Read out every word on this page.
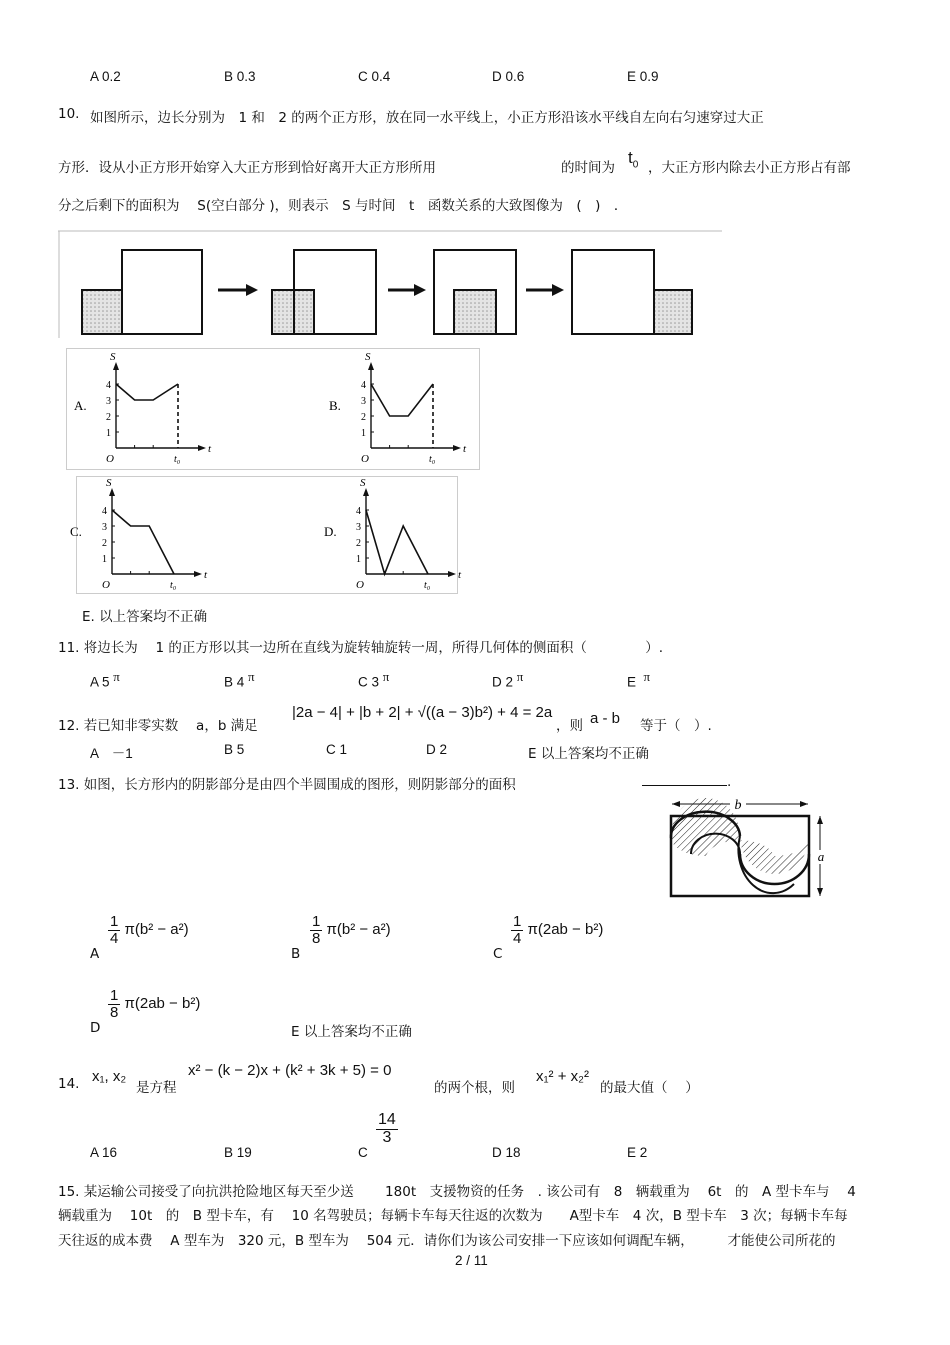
A 0.2	B 0.3	C 0.4	D 0.6	E 0.9
10. 如图所示，边长分别为　1 和　2 的两个正方形，放在同一水平线上，小正方形沿该水平线自左向右匀速穿过大正
方形．设从小正方形开始穿入大正方形到恰好离开大正方形所用	的时间为
$t_0$ ，大正方形内除去小正方形占有部
分之后剩下的面积为　 S(空白部分 )，则表示　S 与时间　t　函数关系的大致图像为　(　)　．
A.
S
O
t
t₀
4
3
2
1
B.
S
O
t
t₀
4
3
2
1
C.
S
O
t
t₀
4
3
2
1
D.
S
O
t
t₀
4
3
2
1
E. 以上答案均不正确
11. 将边长为　 1 的正方形以其一边所在直线为旋转轴旋转一周，所得几何体的侧面积（　　　　 ）.
A 5 $^\pi$	B 4 $^\pi$	C 3 $^\pi$	D 2 $^\pi$	E $^\pi$
12. 若已知非零实数　 a，b 满足
|2a − 4| + |b + 2| + √((a − 3)b²) + 4 = 2a
，则 a - b 等于（　）.
A　－1	B 5	C 1	D 2	E 以上答案均不正确
13. 如图，长方形内的阴影部分是由四个半圆围成的图形，则阴影部分的面积	.
b
a
A
$\frac{1}{4} \pi(b^2 - a^2)$
B
$\frac{1}{8} \pi(b^2 - a^2)$
C
$\frac{1}{4} \pi(2ab - b^2)$
D
$\frac{1}{8} \pi(2ab - b^2)$
E 以上答案均不正确
14. x₁, x₂
是方程
x² − (k − 2)x + (k² + 3k + 5) = 0
的两个根，则
x₁² + x₂²
的最大值（　 ）
A 16	B 19	C
$\frac{14}{3}$
D 18	E 2
15. 某运输公司接受了向抗洪抢险地区每天至少送　　 180t　支援物资的任务　. 该公司有　8　辆载重为　 6t　的　A 型卡车与　 4
辆载重为　 10t　的　B 型卡车，有　 10 名驾驶员；每辆卡车每天往返的次数为　　A型卡车　4 次，B 型卡车　3 次；每辆卡车每
天往返的成本费　 A 型车为　320 元，B 型车为　 504 元．请你们为该公司安排一下应该如何调配车辆，　　　才能使公司所花的
2 / 11
